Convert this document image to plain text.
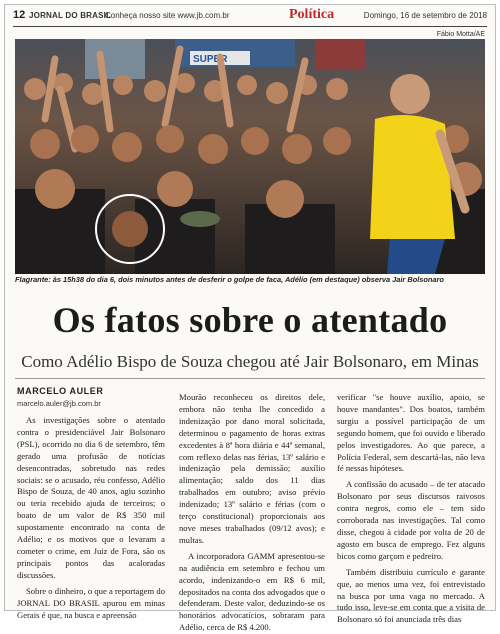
12 JORNAL DO BRASIL
Conheça nosso site www.jb.com.br	Política	Domingo, 16 de setembro de 2018
Fábio Motta/AE
SUPER
Flagrante: às 15h38 do dia 6, dois minutos antes de desferir o golpe de faca, Adélio (em destaque) observa Jair Bolsonaro
Os fatos sobre o atentado
Como Adélio Bispo de Souza chegou até Jair Bolsonaro, em Minas
MARCELO AULER
marcelo.auler@jb.com.br

As investigações sobre o atentado contra o presidenciável Jair Bolsonaro (PSL), ocorrido no dia 6 de setembro, têm gerado uma profusão de notícias desencontradas, sobretudo nas redes sociais: se o acusado, réu confesso, Adélio Bispo de Souza, de 40 anos, agiu sozinho ou teria recebido ajuda de terceiros; o boato de um valor de R$ 350 mil supostamente encontrado na conta de Adélio; e os motivos que o levaram a cometer o crime, em Juiz de Fora, são os principais pontos das acaloradas discussões.

Sobre o dinheiro, o que a reportagem do JORNAL DO BRASIL apurou em minas Gerais é que, na busca e apreensão

Mourão reconheceu os direitos dele, embora não tenha lhe concedido a indenização por dano moral solicitada, determinou o pagamento de horas extras excedentes à 8ª hora diária e 44ª semanal, com reflexo delas nas férias, 13º salário e indenização pela demissão; auxílio alimentação; saldo dos 11 dias trabalhados em outubro; aviso prévio indenizado; 13º salário e férias (com o terço constitucional) proporcionais aos nove meses trabalhados (09/12 avos); e multas.

A incorporadora GAMM apresentou-se na audiência em setembro e fechou um acordo, indenizando-o em R$ 6 mil, depositados na conta dos advogados que o defenderam. Deste valor, deduzindo-se os honorários advocatícios, sobraram para Adélio, cerca de R$ 4.200.

verificar "se houve auxílio, apoio, se houve mandantes". Dos boatos, também surgiu a possível participação de um segundo homem, que foi ouvido e liberado pelos investigadores. Ao que parece, a Polícia Federal, sem descartá-las, não leva fé nessas hipóteses.

A confissão do acusado – de ter atacado Bolsonaro por seus discursos raivosos contra negros, como ele – tem sido corroborada nas investigações. Tal como disse, chegou à cidade por volta de 20 de agosto em busca de emprego. Fez alguns bicos como garçom e pedreiro.

Também distribuiu currículo e garante que, ao menos uma vez, foi entrevistado na busca por uma vaga no mercado. A tudo isso, leve-se em conta que a visita de Bolsonaro só foi anunciada três dias
